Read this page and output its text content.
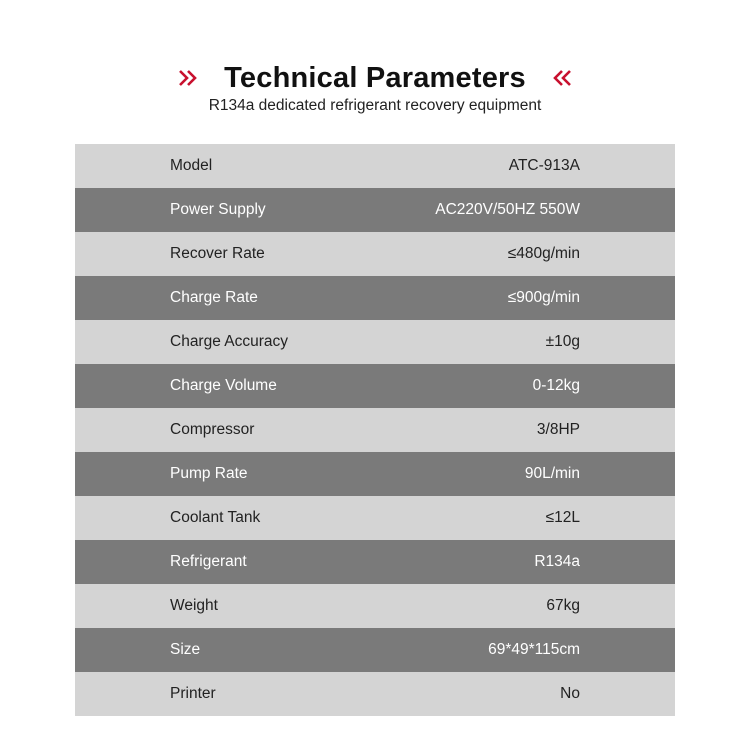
Technical Parameters
R134a dedicated refrigerant recovery equipment
Model	ATC-913A
Power Supply	AC220V/50HZ 550W
Recover Rate	≤480g/min
Charge Rate	≤900g/min
Charge Accuracy	±10g
Charge Volume	0-12kg
Compressor	3/8HP
Pump Rate	90L/min
Coolant Tank	≤12L
Refrigerant	R134a
Weight	67kg
Size	69*49*115cm
Printer	No
